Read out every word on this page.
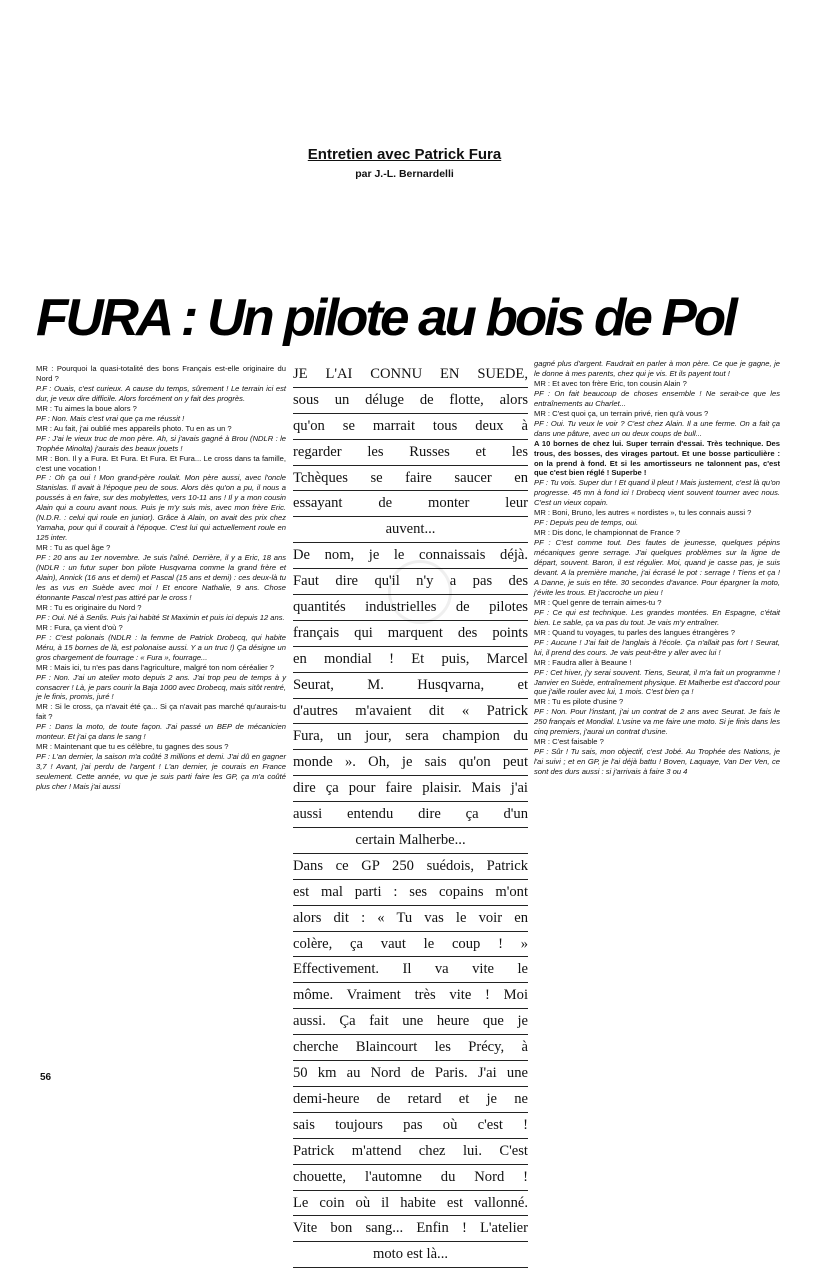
Entretien avec Patrick Fura
par J.-L. Bernardelli
FURA : Un pilote au bois de Pol

MR : Pourquoi la quasi-totalité des bons Français est-elle originaire du Nord ?

P.F : Ouais, c'est curieux. A cause du temps, sûrement ! Le terrain ici est dur, je veux dire difficile. Alors forcément on y fait des progrès.

MR : Tu aimes la boue alors ?

PF : Non. Mais c'est vrai que ça me réussit !

MR : Au fait, j'ai oublié mes appareils photo. Tu en as un ?

PF : J'ai le vieux truc de mon père. Ah, si j'avais gagné à Brou (NDLR : le Trophée Minolta) j'aurais des beaux jouets !

MR : Bon. Il y a Fura. Et Fura. Et Fura. Et Fura... Le cross dans ta famille, c'est une vocation !

PF : Oh ça oui ! Mon grand-père roulait. Mon père aussi, avec l'oncle Stanislas. Il avait à l'époque peu de sous. Alors dès qu'on a pu, il nous a poussés à en faire, sur des mobylettes, vers 10-11 ans ! Il y a mon cousin Alain qui a couru avant nous. Puis je m'y suis mis, avec mon frère Eric. (N.D.R. : celui qui roule en junior). Grâce à Alain, on avait des prix chez Yamaha, pour qui il courait à l'époque. C'est lui qui actuellement roule en 125 inter.

MR : Tu as quel âge ?

PF : 20 ans au 1er novembre. Je suis l'aîné. Derrière, il y a Eric, 18 ans (NDLR : un futur super bon pilote Husqvarna comme la grand frère et Alain), Annick (16 ans et demi) et Pascal (15 ans et demi) : ces deux-là tu les as vus en Suède avec moi ! Et encore Nathalie, 9 ans. Chose étonnante Pascal n'est pas attiré par le cross !

MR : Tu es originaire du Nord ?

PF : Oui. Né à Senlis. Puis j'ai habité St Maximin et puis ici depuis 12 ans.

MR : Fura, ça vient d'où ?

PF : C'est polonais (NDLR : la femme de Patrick Drobecq, qui habite Méru, à 15 bornes de là, est polonaise aussi. Y a un truc !) Ça désigne un gros chargement de fourrage : « Fura », fourrage...

MR : Mais ici, tu n'es pas dans l'agriculture, malgré ton nom céréalier ?

PF : Non. J'ai un atelier moto depuis 2 ans. J'ai trop peu de temps à y consacrer ! Là, je pars courir la Baja 1000 avec Drobecq, mais sitôt rentré, je le finis, promis, juré !

MR : Si le cross, ça n'avait été ça... Si ça n'avait pas marché qu'aurais-tu fait ?

PF : Dans la moto, de toute façon. J'ai passé un BEP de mécanicien monteur. Et j'ai ça dans le sang !

MR : Maintenant que tu es célèbre, tu gagnes des sous ?

PF : L'an dernier, la saison m'a coûté 3 millions et demi. J'ai dû en gagner 3,7 ! Avant, j'ai perdu de l'argent ! L'an dernier, je courais en France seulement. Cette année, vu que je suis parti faire les GP, ça m'a coûté plus cher ! Mais j'ai aussi

JE L'AI CONNU EN SUEDE,
sous un déluge de flotte, alors
qu'on se marrait tous deux à
regarder les Russes et les
Tchèques se faire saucer en
essayant de monter leur
auvent...
De nom, je le connaissais déjà.
Faut dire qu'il n'y a pas des
quantités industrielles de pilotes
français qui marquent des points
en mondial ! Et puis, Marcel
Seurat, M. Husqvarna, et
d'autres m'avaient dit « Patrick
Fura, un jour, sera champion du
monde ». Oh, je sais qu'on peut
dire ça pour faire plaisir. Mais j'ai
aussi entendu dire ça d'un
certain Malherbe...
Dans ce GP 250 suédois, Patrick
est mal parti : ses copains m'ont
alors dit : « Tu vas le voir en
colère, ça vaut le coup ! »
Effectivement. Il va vite le
môme. Vraiment très vite ! Moi
aussi. Ça fait une heure que je
cherche Blaincourt les Précy, à
50 km au Nord de Paris. J'ai une
demi-heure de retard et je ne
sais toujours pas où c'est !
Patrick m'attend chez lui. C'est
chouette, l'automne du Nord !
Le coin où il habite est vallonné.
Vite bon sang... Enfin ! L'atelier
moto est là...

gagné plus d'argent. Faudrait en parler à mon père. Ce que je gagne, je le donne à mes parents, chez qui je vis. Et ils payent tout !

MR : Et avec ton frère Eric, ton cousin Alain ?

PF : On fait beaucoup de choses ensemble ! Ne serait-ce que les entraînements au Charlet...

MR : C'est quoi ça, un terrain privé, rien qu'à vous ?

PF : Oui. Tu veux le voir ? C'est chez Alain. Il a une ferme. On a fait ça dans une pâture, avec un ou deux coups de bull...

A 10 bornes de chez lui. Super terrain d'essai. Très technique. Des trous, des bosses, des virages partout. Et une bosse particulière : on la prend à fond. Et si les amortisseurs ne talonnent pas, c'est que c'est bien réglé ! Superbe !

PF : Tu vois. Super dur ! Et quand il pleut ! Mais justement, c'est là qu'on progresse. 45 mn à fond ici ! Drobecq vient souvent tourner avec nous. C'est un vieux copain.

MR : Boni, Bruno, les autres « nordistes », tu les connais aussi ?

PF : Depuis peu de temps, oui.

MR : Dis donc, le championnat de France ?

PF : C'est comme tout. Des fautes de jeunesse, quelques pépins mécaniques genre serrage. J'ai quelques problèmes sur la ligne de départ, souvent. Baron, il est régulier. Moi, quand je casse pas, je suis devant. A la première manche, j'ai écrasé le pot : serrage ! Tiens et ça ! A Danne, je suis en tête. 30 secondes d'avance. Pour épargner la moto, j'évite les trous. Et j'accroche un pieu !

MR : Quel genre de terrain aimes-tu ?

PF : Ce qui est technique. Les grandes montées. En Espagne, c'était bien. Le sable, ça va pas du tout. Je vais m'y entraîner.

MR : Quand tu voyages, tu parles des langues étrangères ?

PF : Aucune ! J'ai fait de l'anglais à l'école. Ça n'allait pas fort ! Seurat, lui, il prend des cours. Je vais peut-être y aller avec lui !

MR : Faudra aller à Beaune !

PF : Cet hiver, j'y serai souvent. Tiens, Seurat, il m'a fait un programme ! Janvier en Suède, entraînement physique. Et Malherbe est d'accord pour que j'aille rouler avec lui, 1 mois. C'est bien ça !

MR : Tu es pilote d'usine ?

PF : Non. Pour l'instant, j'ai un contrat de 2 ans avec Seurat. Je fais le 250 français et Mondial. L'usine va me faire une moto. Si je finis dans les cinq premiers, j'aurai un contrat d'usine.

MR : C'est faisable ?

PF : Sûr ! Tu sais, mon objectif, c'est Jobé. Au Trophée des Nations, je l'ai suivi ; et en GP, je l'ai déjà battu ! Boven, Laquaye, Van Der Ven, ce sont des durs aussi : si j'arrivais à faire 3 ou 4

56
